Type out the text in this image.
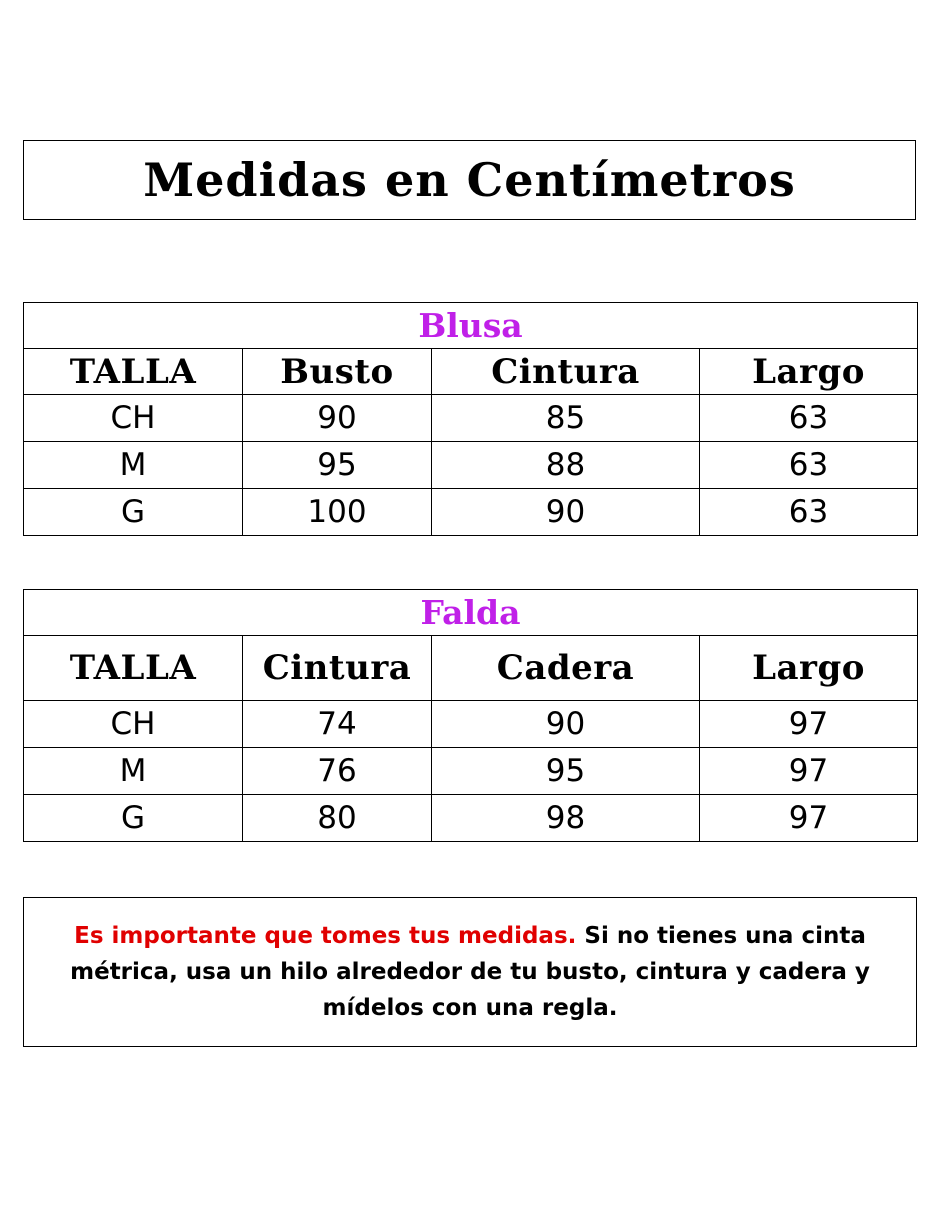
Medidas en Centímetros
Blusa			
TALLA	Busto	Cintura	Largo
CH	90	85	63
M	95	88	63
G	100	90	63
Falda			
TALLA	Cintura	Cadera	Largo
CH	74	90	97
M	76	95	97
G	80	98	97
Es importante que tomes tus medidas. Si no tienes una cinta métrica, usa un hilo alrededor de tu busto, cintura y cadera y mídelos con una regla.
